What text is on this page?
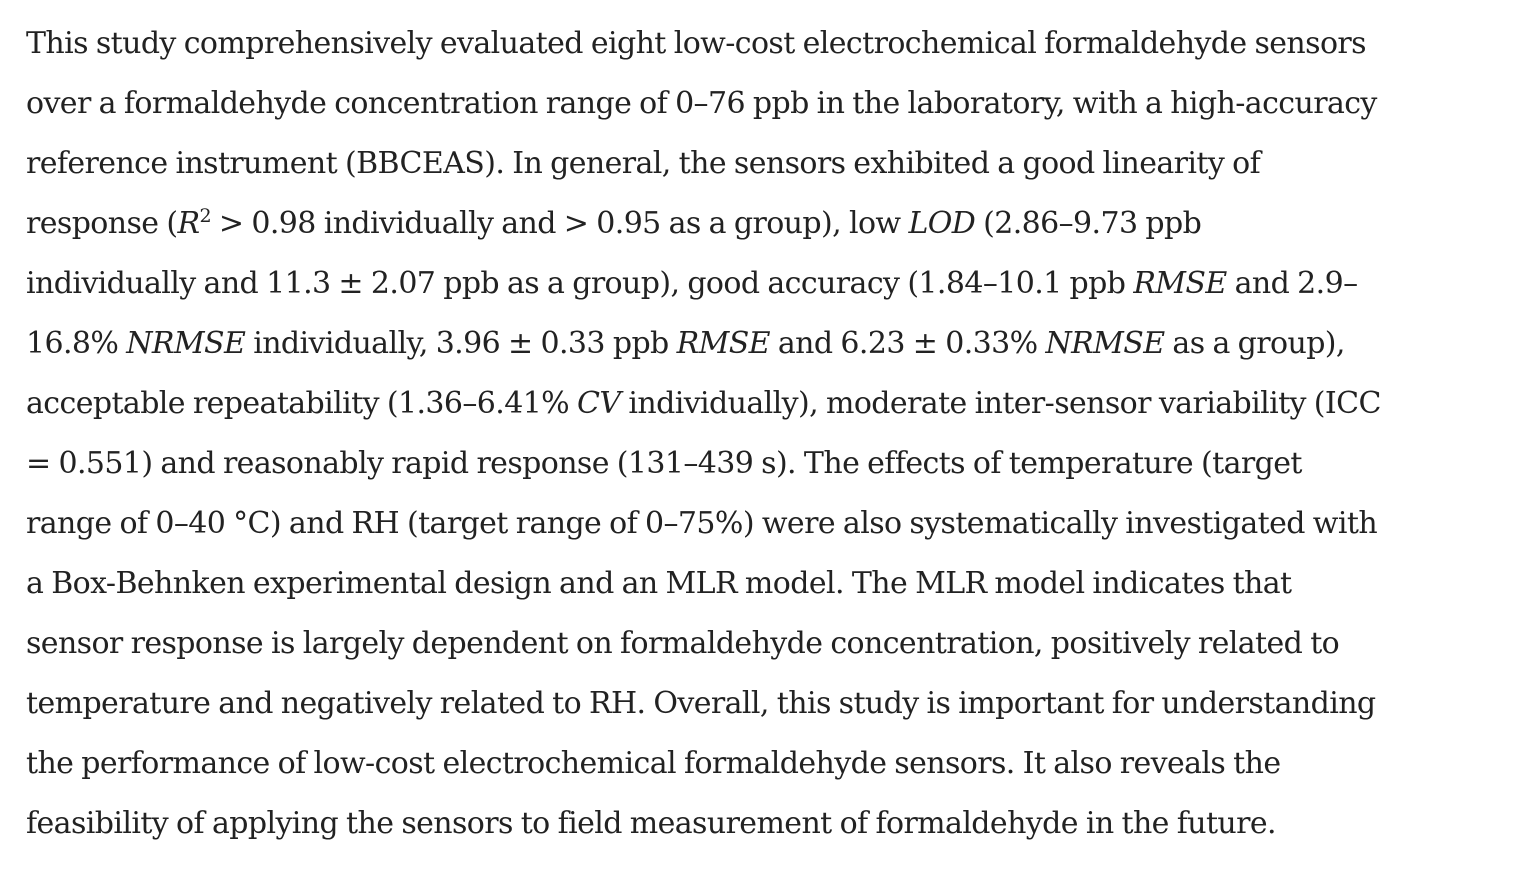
This study comprehensively evaluated eight low-cost electrochemical formaldehyde sensors
over a formaldehyde concentration range of 0–76 ppb in the laboratory, with a high-accuracy
reference instrument (BBCEAS). In general, the sensors exhibited a good linearity of
response ($R^2 > 0.98$ individually and > 0.95 as a group), low LOD (2.86–9.73 ppb
individually and 11.3 ± 2.07 ppb as a group), good accuracy (1.84–10.1 ppb RMSE and 2.9–
16.8% NRMSE individually, 3.96 ± 0.33 ppb RMSE and 6.23 ± 0.33% NRMSE as a group),
acceptable repeatability (1.36–6.41% CV individually), moderate inter-sensor variability (ICC
= 0.551) and reasonably rapid response (131–439 s). The effects of temperature (target
range of 0–40 °C) and RH (target range of 0–75%) were also systematically investigated with
a Box-Behnken experimental design and an MLR model. The MLR model indicates that
sensor response is largely dependent on formaldehyde concentration, positively related to
temperature and negatively related to RH. Overall, this study is important for understanding
the performance of low-cost electrochemical formaldehyde sensors. It also reveals the
feasibility of applying the sensors to field measurement of formaldehyde in the future.
